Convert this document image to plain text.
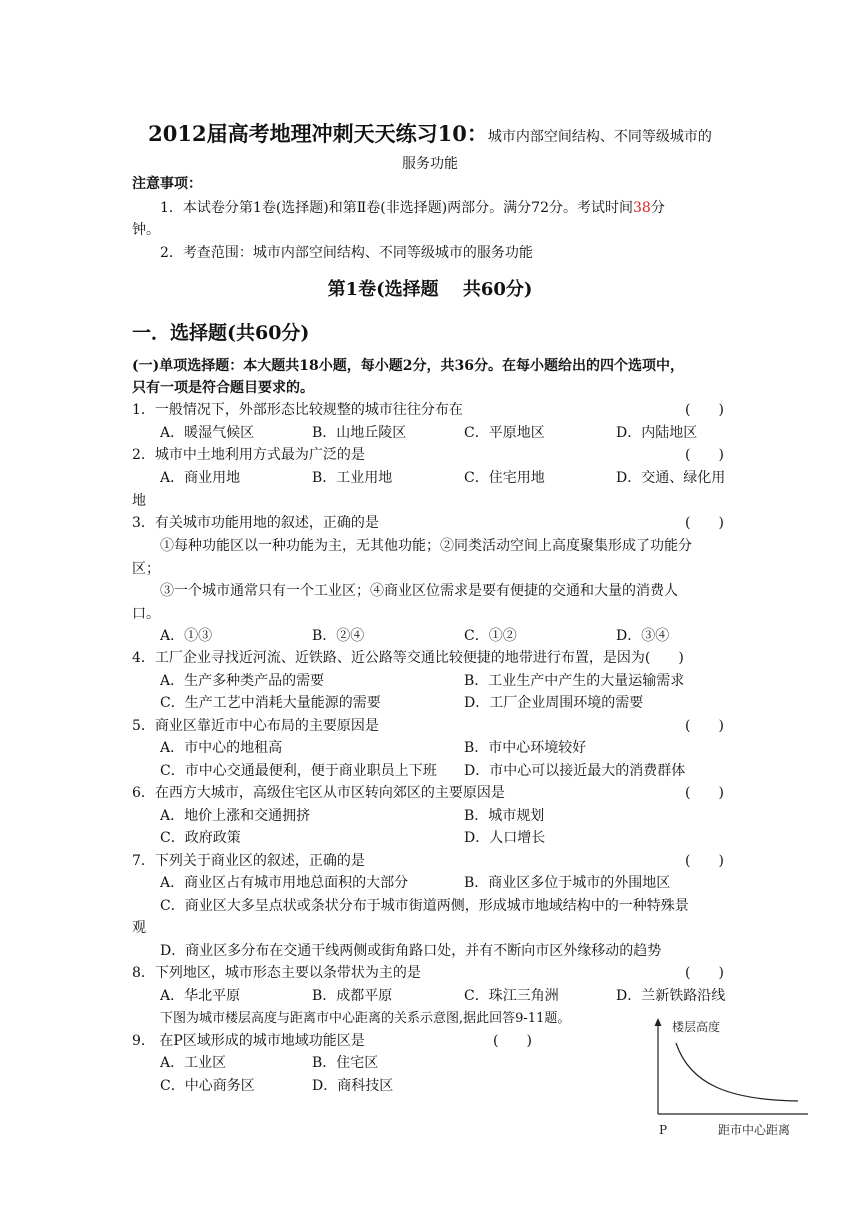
2012届高考地理冲刺天天练习10：城市内部空间结构、不同等级城市的
服务功能
注意事项：
1．本试卷分第1卷(选择题)和第Ⅱ卷(非选择题)两部分。满分72分。考试时间38分
钟。
2．考查范围：城市内部空间结构、不同等级城市的服务功能
第1卷(选择题　 共60分)
一．选择题(共60分)
(一)单项选择题：本大题共18小题，每小题2分，共36分。在每小题给出的四个选项中，
只有一项是符合题目要求的。
1．一般情况下，外部形态比较规整的城市往往分布在	(　　)
A．暖湿气候区	B．山地丘陵区	C．平原地区	D．内陆地区
2．城市中土地利用方式最为广泛的是	(　　)
A．商业用地	B．工业用地	C．住宅用地	D．交通、绿化用
地
3．有关城市功能用地的叙述，正确的是	(　　)
①每种功能区以一种功能为主，无其他功能；②同类活动空间上高度聚集形成了功能分
区；
③一个城市通常只有一个工业区；④商业区位需求是要有便捷的交通和大量的消费人
口。
A．①③	B．②④	C．①②	D．③④
4．工厂企业寻找近河流、近铁路、近公路等交通比较便捷的地带进行布置，是因为(　　)
A．生产多种类产品的需要	B．工业生产中产生的大量运输需求
C．生产工艺中消耗大量能源的需要	D．工厂企业周围环境的需要
5．商业区靠近市中心布局的主要原因是	(　　)
A．市中心的地租高	B．市中心环境较好
C．市中心交通最便利，便于商业职员上下班 D．市中心可以接近最大的消费群体
6．在西方大城市，高级住宅区从市区转向郊区的主要原因是	(　　)
A．地价上涨和交通拥挤	B．城市规划
C．政府政策	D．人口增长
7．下列关于商业区的叙述，正确的是	(　　)
A．商业区占有城市用地总面积的大部分	B．商业区多位于城市的外围地区
C．商业区大多呈点状或条状分布于城市街道两侧，形成城市地域结构中的一种特殊景
观
D．商业区多分布在交通干线两侧或街角路口处，并有不断向市区外缘移动的趋势
8．下列地区，城市形态主要以条带状为主的是	(　　)
A．华北平原	B．成都平原	C．珠江三角洲	D．兰新铁路沿线
下图为城市楼层高度与距离市中心距离的关系示意图,据此回答9-11题。
9． 在P区域形成的城市地域功能区是	(　　)
A．工业区	B．住宅区
C．中心商务区	D．商科技区
楼层高度
距市中心距离
P
